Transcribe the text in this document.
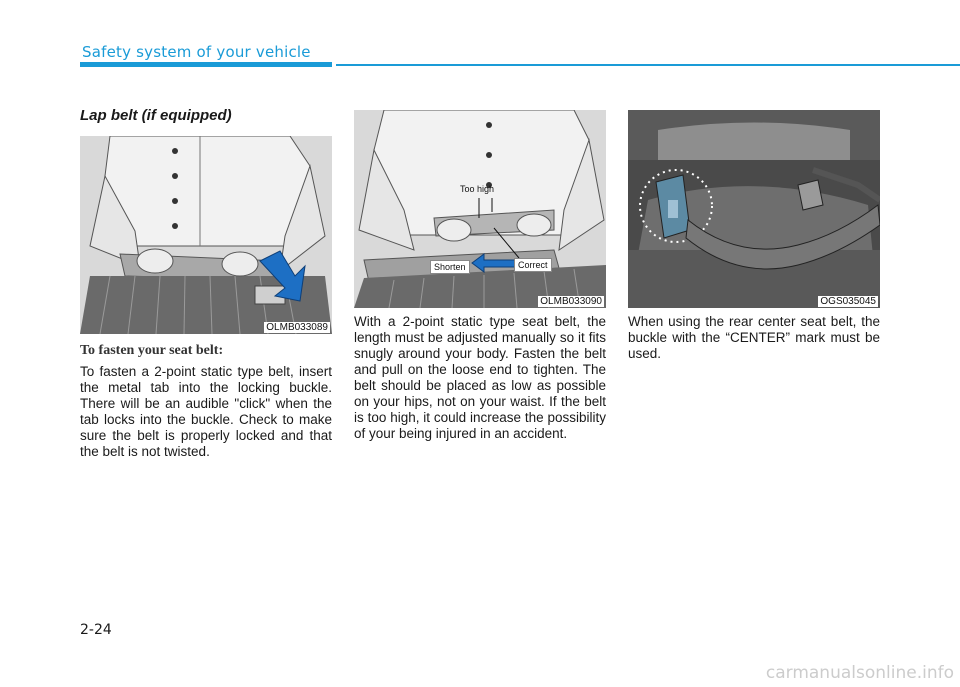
Safety system of your vehicle
Lap belt (if equipped)
OLMB033089
To fasten your seat belt:

To fasten a 2-point static type belt, insert the metal tab into the locking buckle. There will be an audible "click" when the tab locks into the buckle. Check to make sure the belt is properly locked and that the belt is not twisted.

Too high
Shorten	Correct
OLMB033090

With a 2-point static type seat belt, the length must be adjusted manually so it fits snugly around your body. Fasten the belt and pull on the loose end to tighten. The belt should be placed as low as possible on your hips, not on your waist. If the belt is too high, it could increase the possibility of your being injured in an accident.

OGS035045

When using the rear center seat belt, the buckle with the “CENTER” mark must be used.

2-24
carmanualsonline.info
